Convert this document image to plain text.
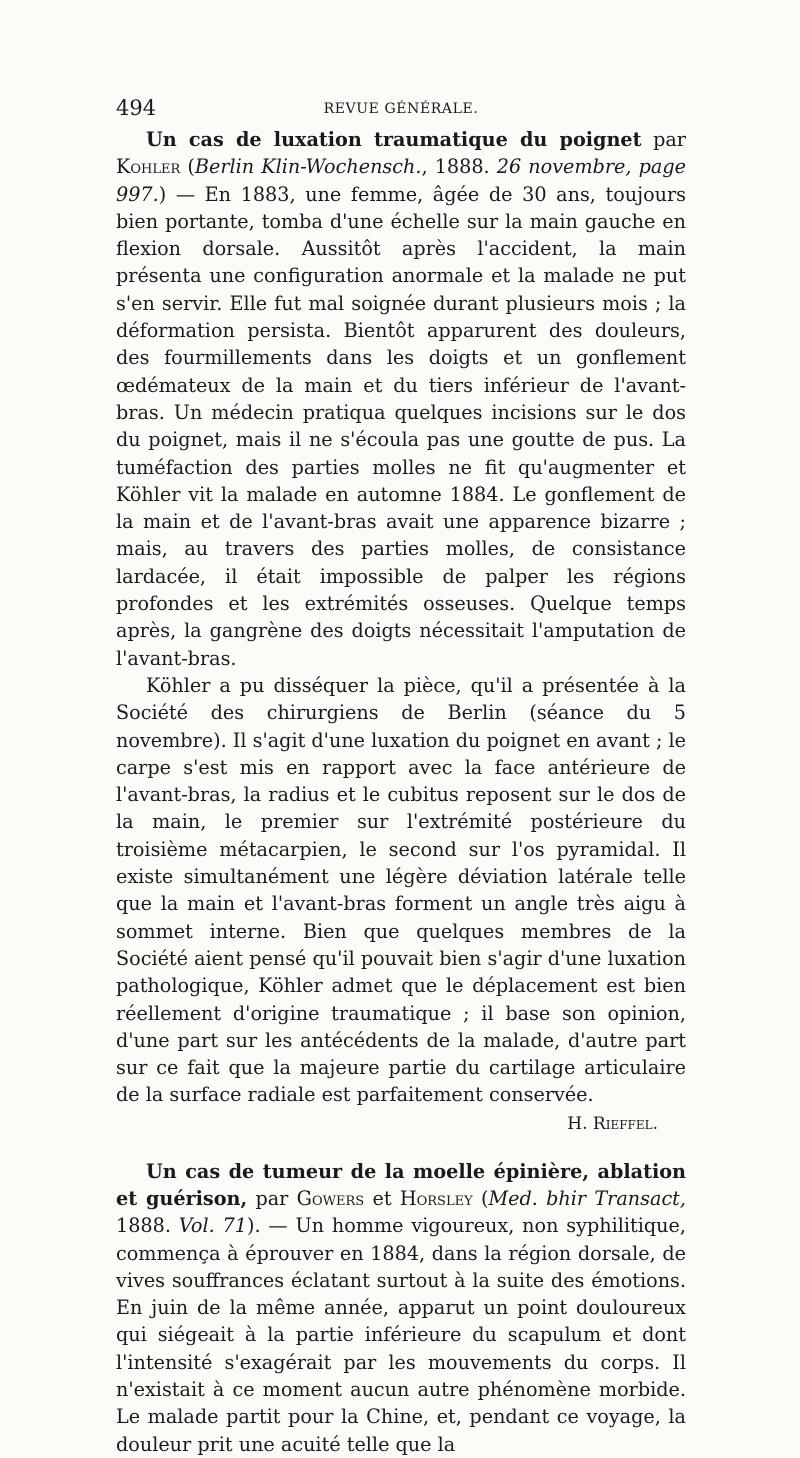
494	REVUE GÉNÉRALE.

Un cas de luxation traumatique du poignet par Kohler (Berlin Klin-Wochensch., 1888. 26 novembre, page 997.) — En 1883, une femme, âgée de 30 ans, toujours bien portante, tomba d'une échelle sur la main gauche en flexion dorsale. Aussitôt après l'accident, la main présenta une configuration anormale et la malade ne put s'en servir. Elle fut mal soignée durant plusieurs mois ; la déformation persista. Bientôt apparurent des douleurs, des fourmillements dans les doigts et un gonflement œdémateux de la main et du tiers inférieur de l'avant-bras. Un médecin pratiqua quelques incisions sur le dos du poignet, mais il ne s'écoula pas une goutte de pus. La tuméfaction des parties molles ne fit qu'augmenter et Köhler vit la malade en automne 1884. Le gonflement de la main et de l'avant-bras avait une apparence bizarre ; mais, au travers des parties molles, de consistance lardacée, il était impossible de palper les régions profondes et les extrémités osseuses. Quelque temps après, la gangrène des doigts nécessitait l'amputation de l'avant-bras.

Köhler a pu disséquer la pièce, qu'il a présentée à la Société des chirurgiens de Berlin (séance du 5 novembre). Il s'agit d'une luxation du poignet en avant ; le carpe s'est mis en rapport avec la face antérieure de l'avant-bras, la radius et le cubitus reposent sur le dos de la main, le premier sur l'extrémité postérieure du troisième métacarpien, le second sur l'os pyramidal. Il existe simultanément une légère déviation latérale telle que la main et l'avant-bras forment un angle très aigu à sommet interne. Bien que quelques membres de la Société aient pensé qu'il pouvait bien s'agir d'une luxation pathologique, Köhler admet que le déplacement est bien réellement d'origine traumatique ; il base son opinion, d'une part sur les antécédents de la malade, d'autre part sur ce fait que la majeure partie du cartilage articulaire de la surface radiale est parfaitement conservée.

H. Rieffel.

Un cas de tumeur de la moelle épinière, ablation et guérison, par Gowers et Horsley (Med. bhir Transact, 1888. Vol. 71). — Un homme vigoureux, non syphilitique, commença à éprouver en 1884, dans la région dorsale, de vives souffrances éclatant surtout à la suite des émotions. En juin de la même année, apparut un point douloureux qui siégeait à la partie inférieure du scapulum et dont l'intensité s'exagérait par les mouvements du corps. Il n'existait à ce moment aucun autre phénomène morbide. Le malade partit pour la Chine, et, pendant ce voyage, la douleur prit une acuité telle que la
